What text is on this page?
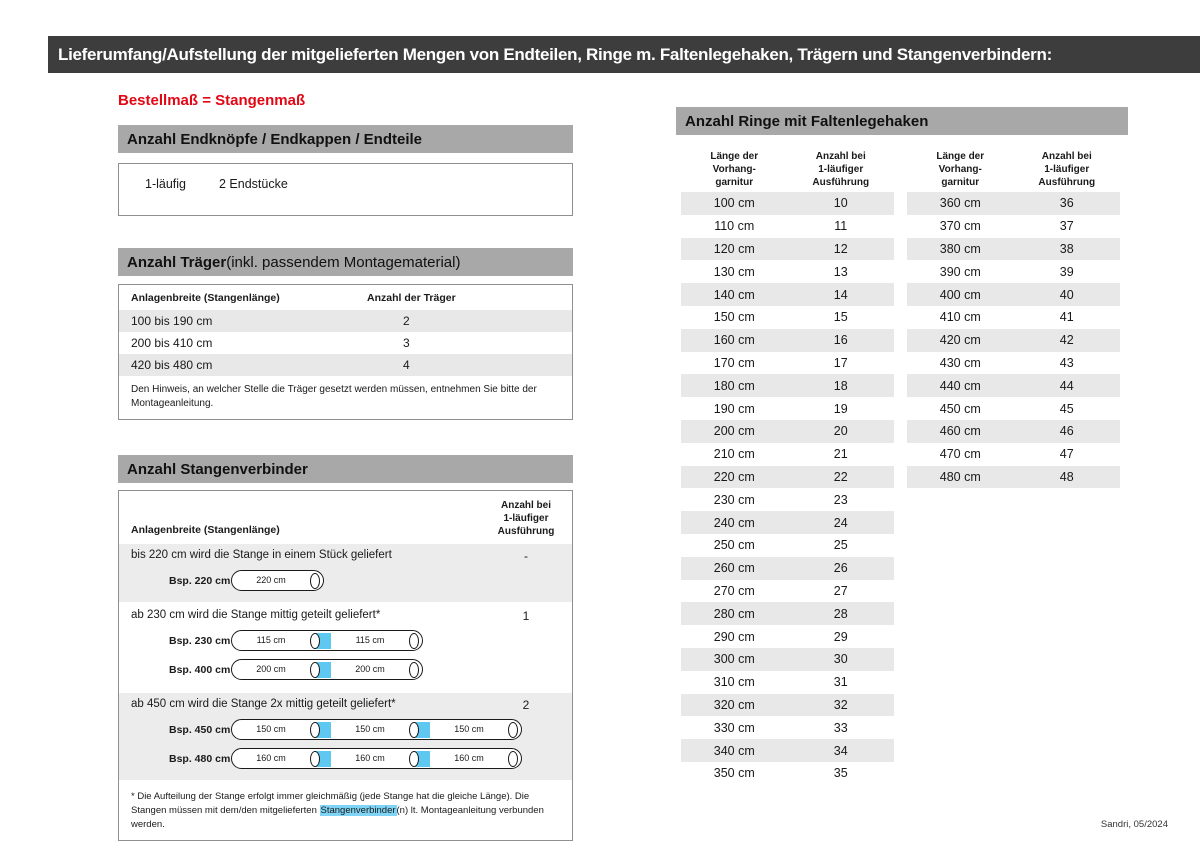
Lieferumfang/Aufstellung der mitgelieferten Mengen von Endteilen, Ringe m. Faltenlegehaken, Trägern und Stangenverbindern:
Bestellmaß = Stangenmaß
Anzahl Endknöpfe / Endkappen / Endteile
1-läufig	2 Endstücke
Anzahl Träger (inkl. passendem Montagematerial)
Anlagenbreite (Stangenlänge)	Anzahl der Träger
100 bis 190 cm	2
200 bis 410 cm	3
420 bis 480 cm	4
Den Hinweis, an welcher Stelle die Träger gesetzt werden müssen, entnehmen Sie bitte der Montageanleitung.
Anzahl Stangenverbinder
Anlagenbreite (Stangenlänge)
Anzahl bei
1-läufiger
Ausführung
bis 220 cm wird die Stange in einem Stück geliefert	-
Bsp. 220 cm	220 cm
ab 230 cm wird die Stange mittig geteilt geliefert*	1
Bsp. 230 cm	115 cm	115 cm
Bsp. 400 cm	200 cm	200 cm
ab 450 cm wird die Stange 2x mittig geteilt geliefert*	2
Bsp. 450 cm	150 cm	150 cm	150 cm
Bsp. 480 cm	160 cm	160 cm	160 cm
* Die Aufteilung der Stange erfolgt immer gleichmäßig (jede Stange hat die gleiche Länge). Die Stangen müssen mit dem/den mitgelieferten Stangenverbinder(n) lt. Montageanleitung verbunden werden.
Anzahl Ringe mit Faltenlegehaken
Länge der
Vorhang-
garnitur
Anzahl bei
1-läufiger
Ausführung
100 cm	10
110 cm	11
120 cm	12
130 cm	13
140 cm	14
150 cm	15
160 cm	16
170 cm	17
180 cm	18
190 cm	19
200 cm	20
210 cm	21
220 cm	22
230 cm	23
240 cm	24
250 cm	25
260 cm	26
270 cm	27
280 cm	28
290 cm	29
300 cm	30
310 cm	31
320 cm	32
330 cm	33
340 cm	34
350 cm	35
Länge der
Vorhang-
garnitur
Anzahl bei
1-läufiger
Ausführung
360 cm	36
370 cm	37
380 cm	38
390 cm	39
400 cm	40
410 cm	41
420 cm	42
430 cm	43
440 cm	44
450 cm	45
460 cm	46
470 cm	47
480 cm	48
Sandri, 05/2024
